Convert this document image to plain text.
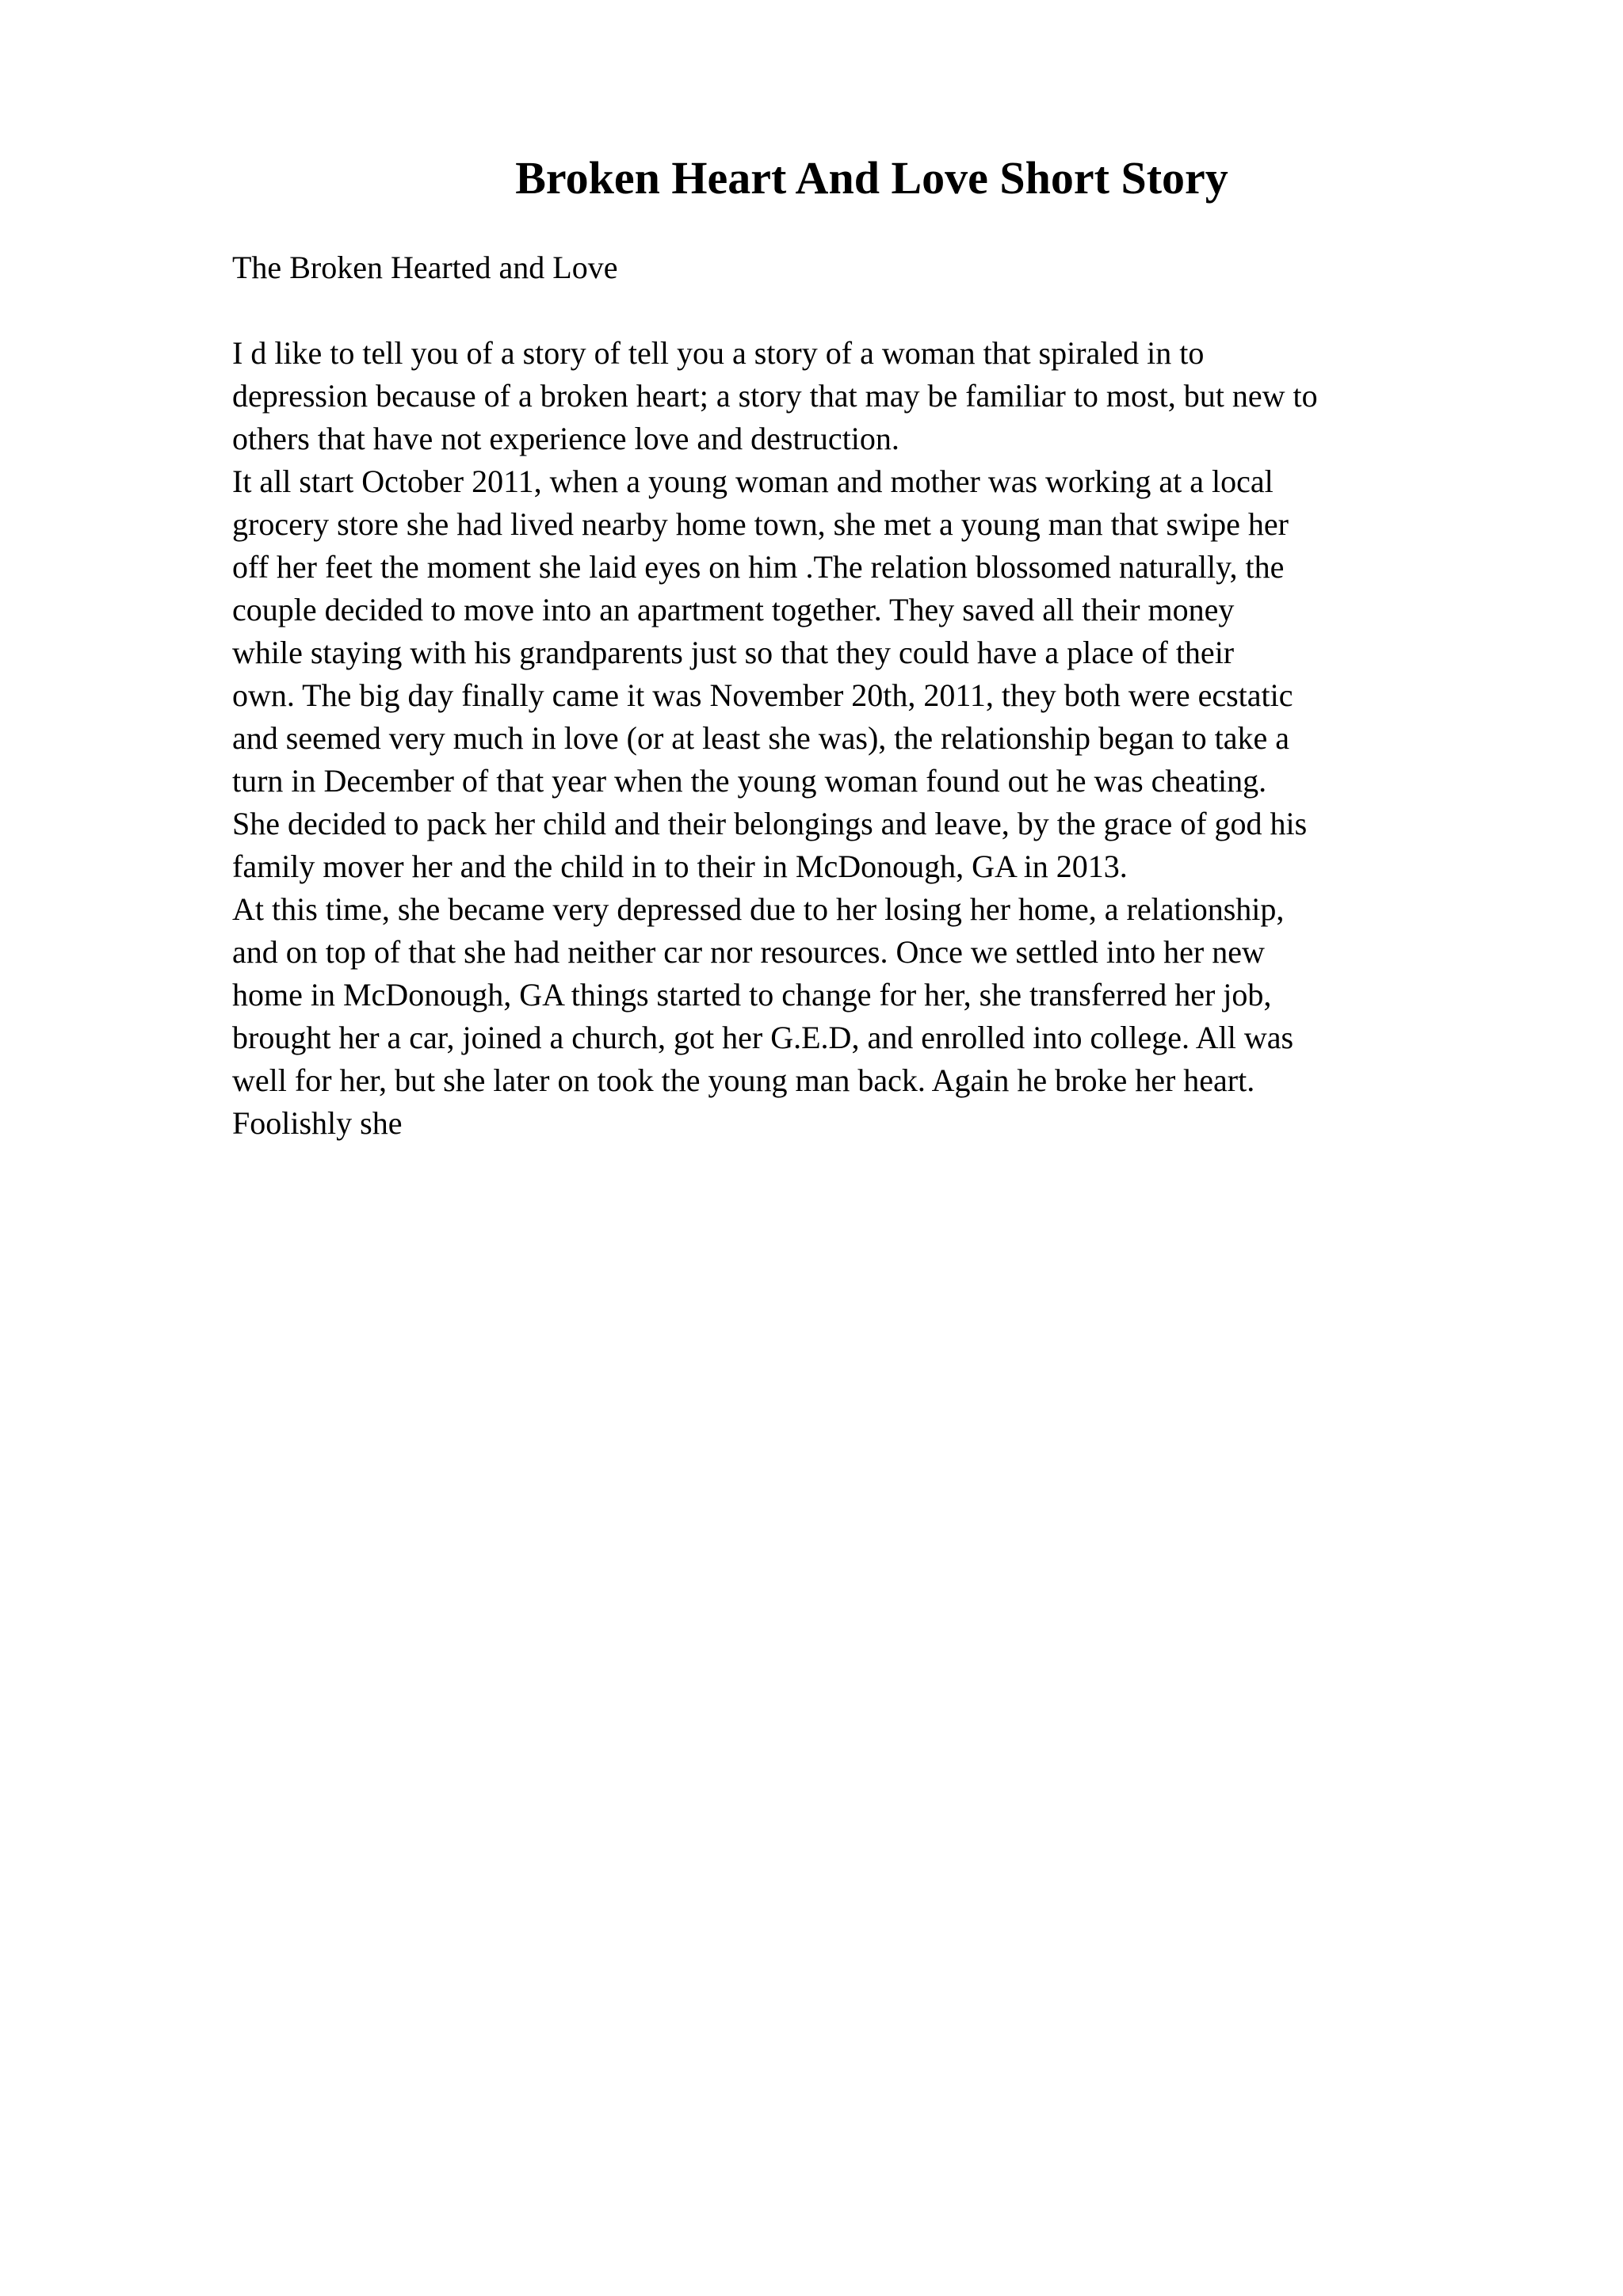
Broken Heart And Love Short Story
The Broken Hearted and Love
I d like to tell you of a story of tell you a story of a woman that spiraled in to
depression because of a broken heart; a story that may be familiar to most, but new to
others that have not experience love and destruction.
It all start October 2011, when a young woman and mother was working at a local
grocery store she had lived nearby home town, she met a young man that swipe her
off her feet the moment she laid eyes on him .The relation blossomed naturally, the
couple decided to move into an apartment together. They saved all their money
while staying with his grandparents just so that they could have a place of their
own. The big day finally came it was November 20th, 2011, they both were ecstatic
and seemed very much in love (or at least she was), the relationship began to take a
turn in December of that year when the young woman found out he was cheating.
She decided to pack her child and their belongings and leave, by the grace of god his
family mover her and the child in to their in McDonough, GA in 2013.
At this time, she became very depressed due to her losing her home, a relationship,
and on top of that she had neither car nor resources. Once we settled into her new
home in McDonough, GA things started to change for her, she transferred her job,
brought her a car, joined a church, got her G.E.D, and enrolled into college. All was
well for her, but she later on took the young man back. Again he broke her heart.
Foolishly she
